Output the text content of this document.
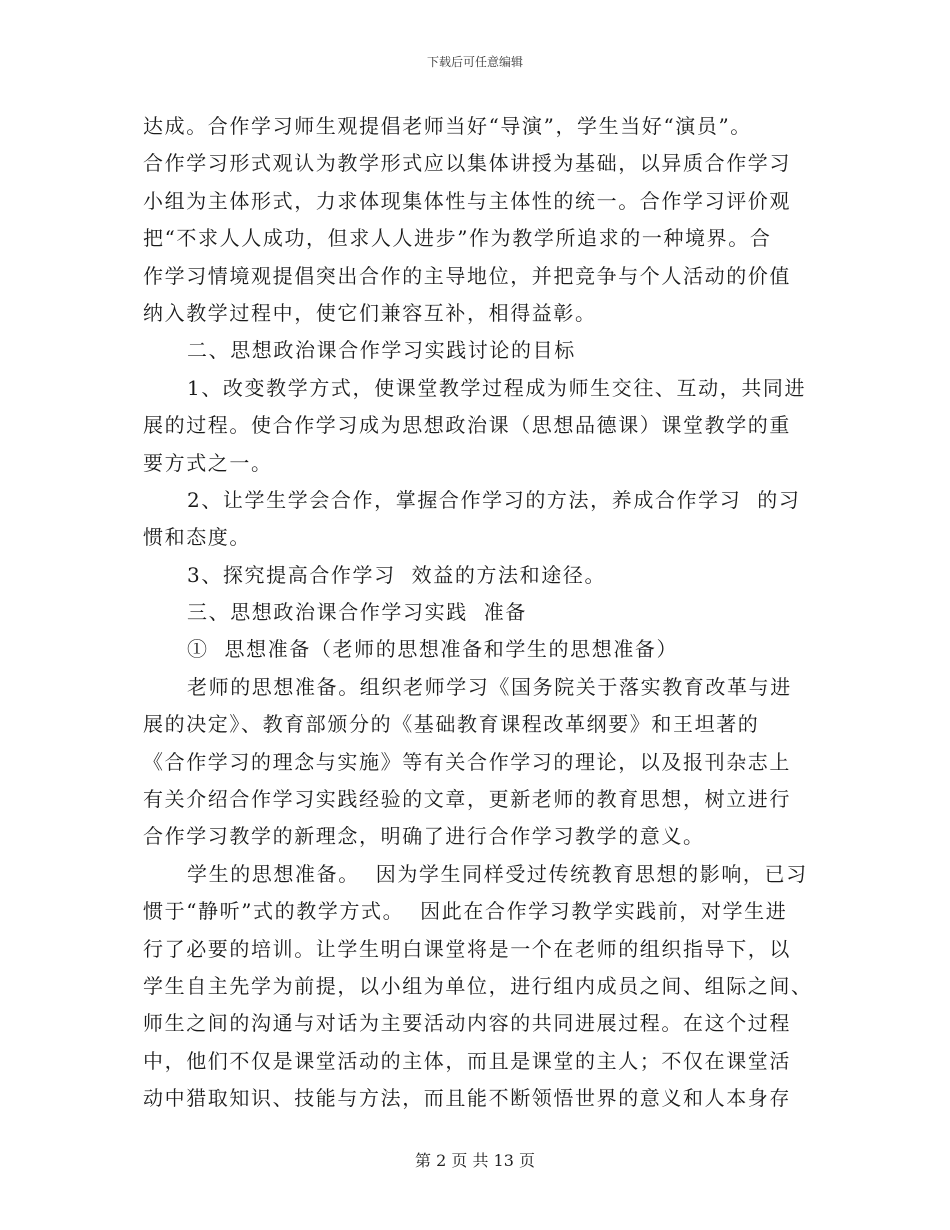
下载后可任意编辑
达成。合作学习师生观提倡老师当好“导演”，学生当好“演员”。
合作学习形式观认为教学形式应以集体讲授为基础，以异质合作学习
小组为主体形式，力求体现集体性与主体性的统一。合作学习评价观
把“不求人人成功，但求人人进步”作为教学所追求的一种境界。合
作学习情境观提倡突出合作的主导地位，并把竞争与个人活动的价值
纳入教学过程中，使它们兼容互补，相得益彰。
二、思想政治课合作学习实践讨论的目标
1、改变教学方式，使课堂教学过程成为师生交往、互动，共同进
展的过程。使合作学习成为思想政治课（思想品德课）课堂教学的重
要方式之一。
2、让学生学会合作，掌握合作学习的方法，养成合作学习  的习
惯和态度。
3、探究提高合作学习  效益的方法和途径。
三、思想政治课合作学习实践  准备
①  思想准备（老师的思想准备和学生的思想准备）
老师的思想准备。组织老师学习《国务院关于落实教育改革与进
展的决定》、教育部颁分的《基础教育课程改革纲要》和王坦著的
《合作学习的理念与实施》等有关合作学习的理论，以及报刊杂志上
有关介绍合作学习实践经验的文章，更新老师的教育思想，树立进行
合作学习教学的新理念，明确了进行合作学习教学的意义。
学生的思想准备。  因为学生同样受过传统教育思想的影响，已习
惯于“静听”式的教学方式。  因此在合作学习教学实践前，对学生进
行了必要的培训。让学生明白课堂将是一个在老师的组织指导下，以
学生自主先学为前提，以小组为单位，进行组内成员之间、组际之间、
师生之间的沟通与对话为主要活动内容的共同进展过程。在这个过程
中，他们不仅是课堂活动的主体，而且是课堂的主人；不仅在课堂活
动中猎取知识、技能与方法，而且能不断领悟世界的意义和人本身存
第 2 页 共 13 页
